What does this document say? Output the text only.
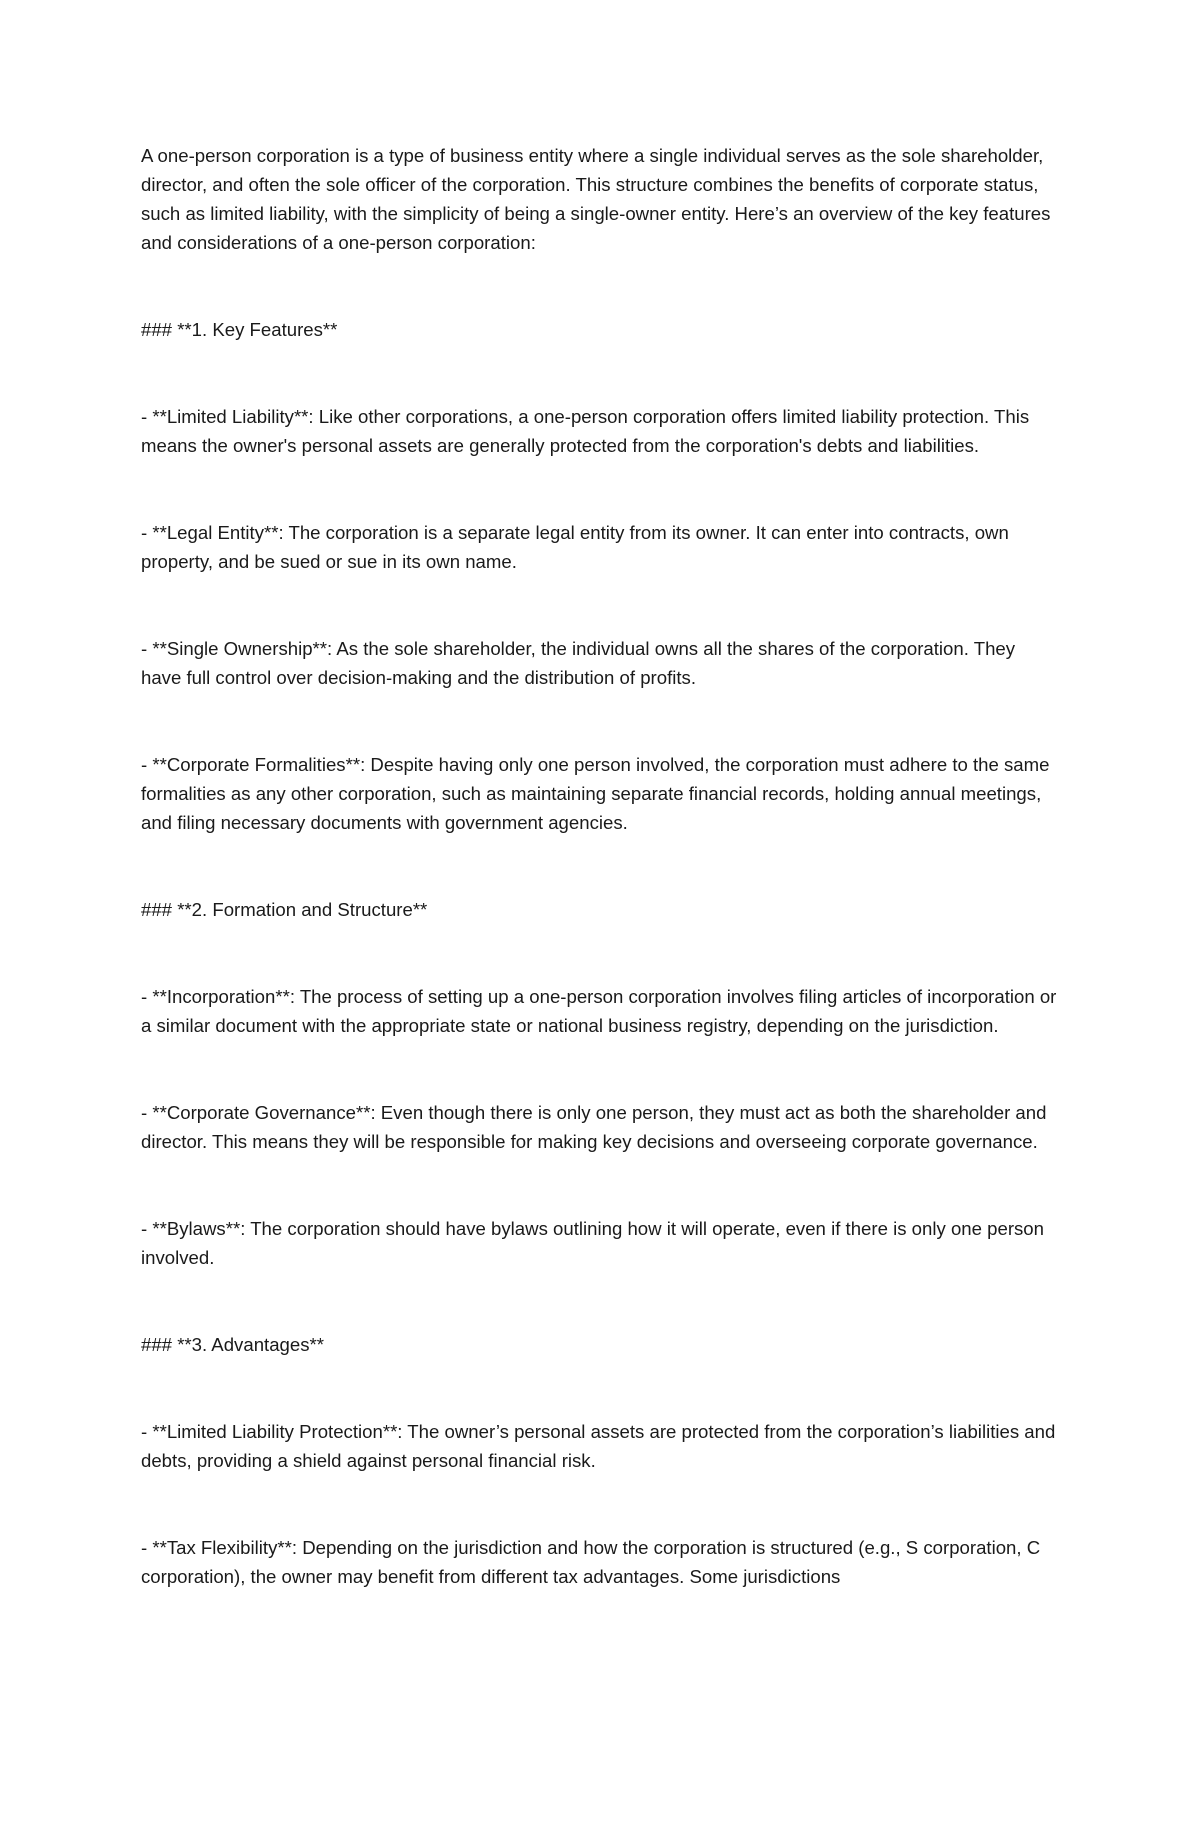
A one-person corporation is a type of business entity where a single individual serves as the sole shareholder, director, and often the sole officer of the corporation. This structure combines the benefits of corporate status, such as limited liability, with the simplicity of being a single-owner entity. Here’s an overview of the key features and considerations of a one-person corporation:

### **1. Key Features**

- **Limited Liability**: Like other corporations, a one-person corporation offers limited liability protection. This means the owner's personal assets are generally protected from the corporation's debts and liabilities.

- **Legal Entity**: The corporation is a separate legal entity from its owner. It can enter into contracts, own property, and be sued or sue in its own name.

- **Single Ownership**: As the sole shareholder, the individual owns all the shares of the corporation. They have full control over decision-making and the distribution of profits.

- **Corporate Formalities**: Despite having only one person involved, the corporation must adhere to the same formalities as any other corporation, such as maintaining separate financial records, holding annual meetings, and filing necessary documents with government agencies.

### **2. Formation and Structure**

- **Incorporation**: The process of setting up a one-person corporation involves filing articles of incorporation or a similar document with the appropriate state or national business registry, depending on the jurisdiction.

- **Corporate Governance**: Even though there is only one person, they must act as both the shareholder and director. This means they will be responsible for making key decisions and overseeing corporate governance.

- **Bylaws**: The corporation should have bylaws outlining how it will operate, even if there is only one person involved.

### **3. Advantages**

- **Limited Liability Protection**: The owner’s personal assets are protected from the corporation’s liabilities and debts, providing a shield against personal financial risk.

- **Tax Flexibility**: Depending on the jurisdiction and how the corporation is structured (e.g., S corporation, C corporation), the owner may benefit from different tax advantages. Some jurisdictions
